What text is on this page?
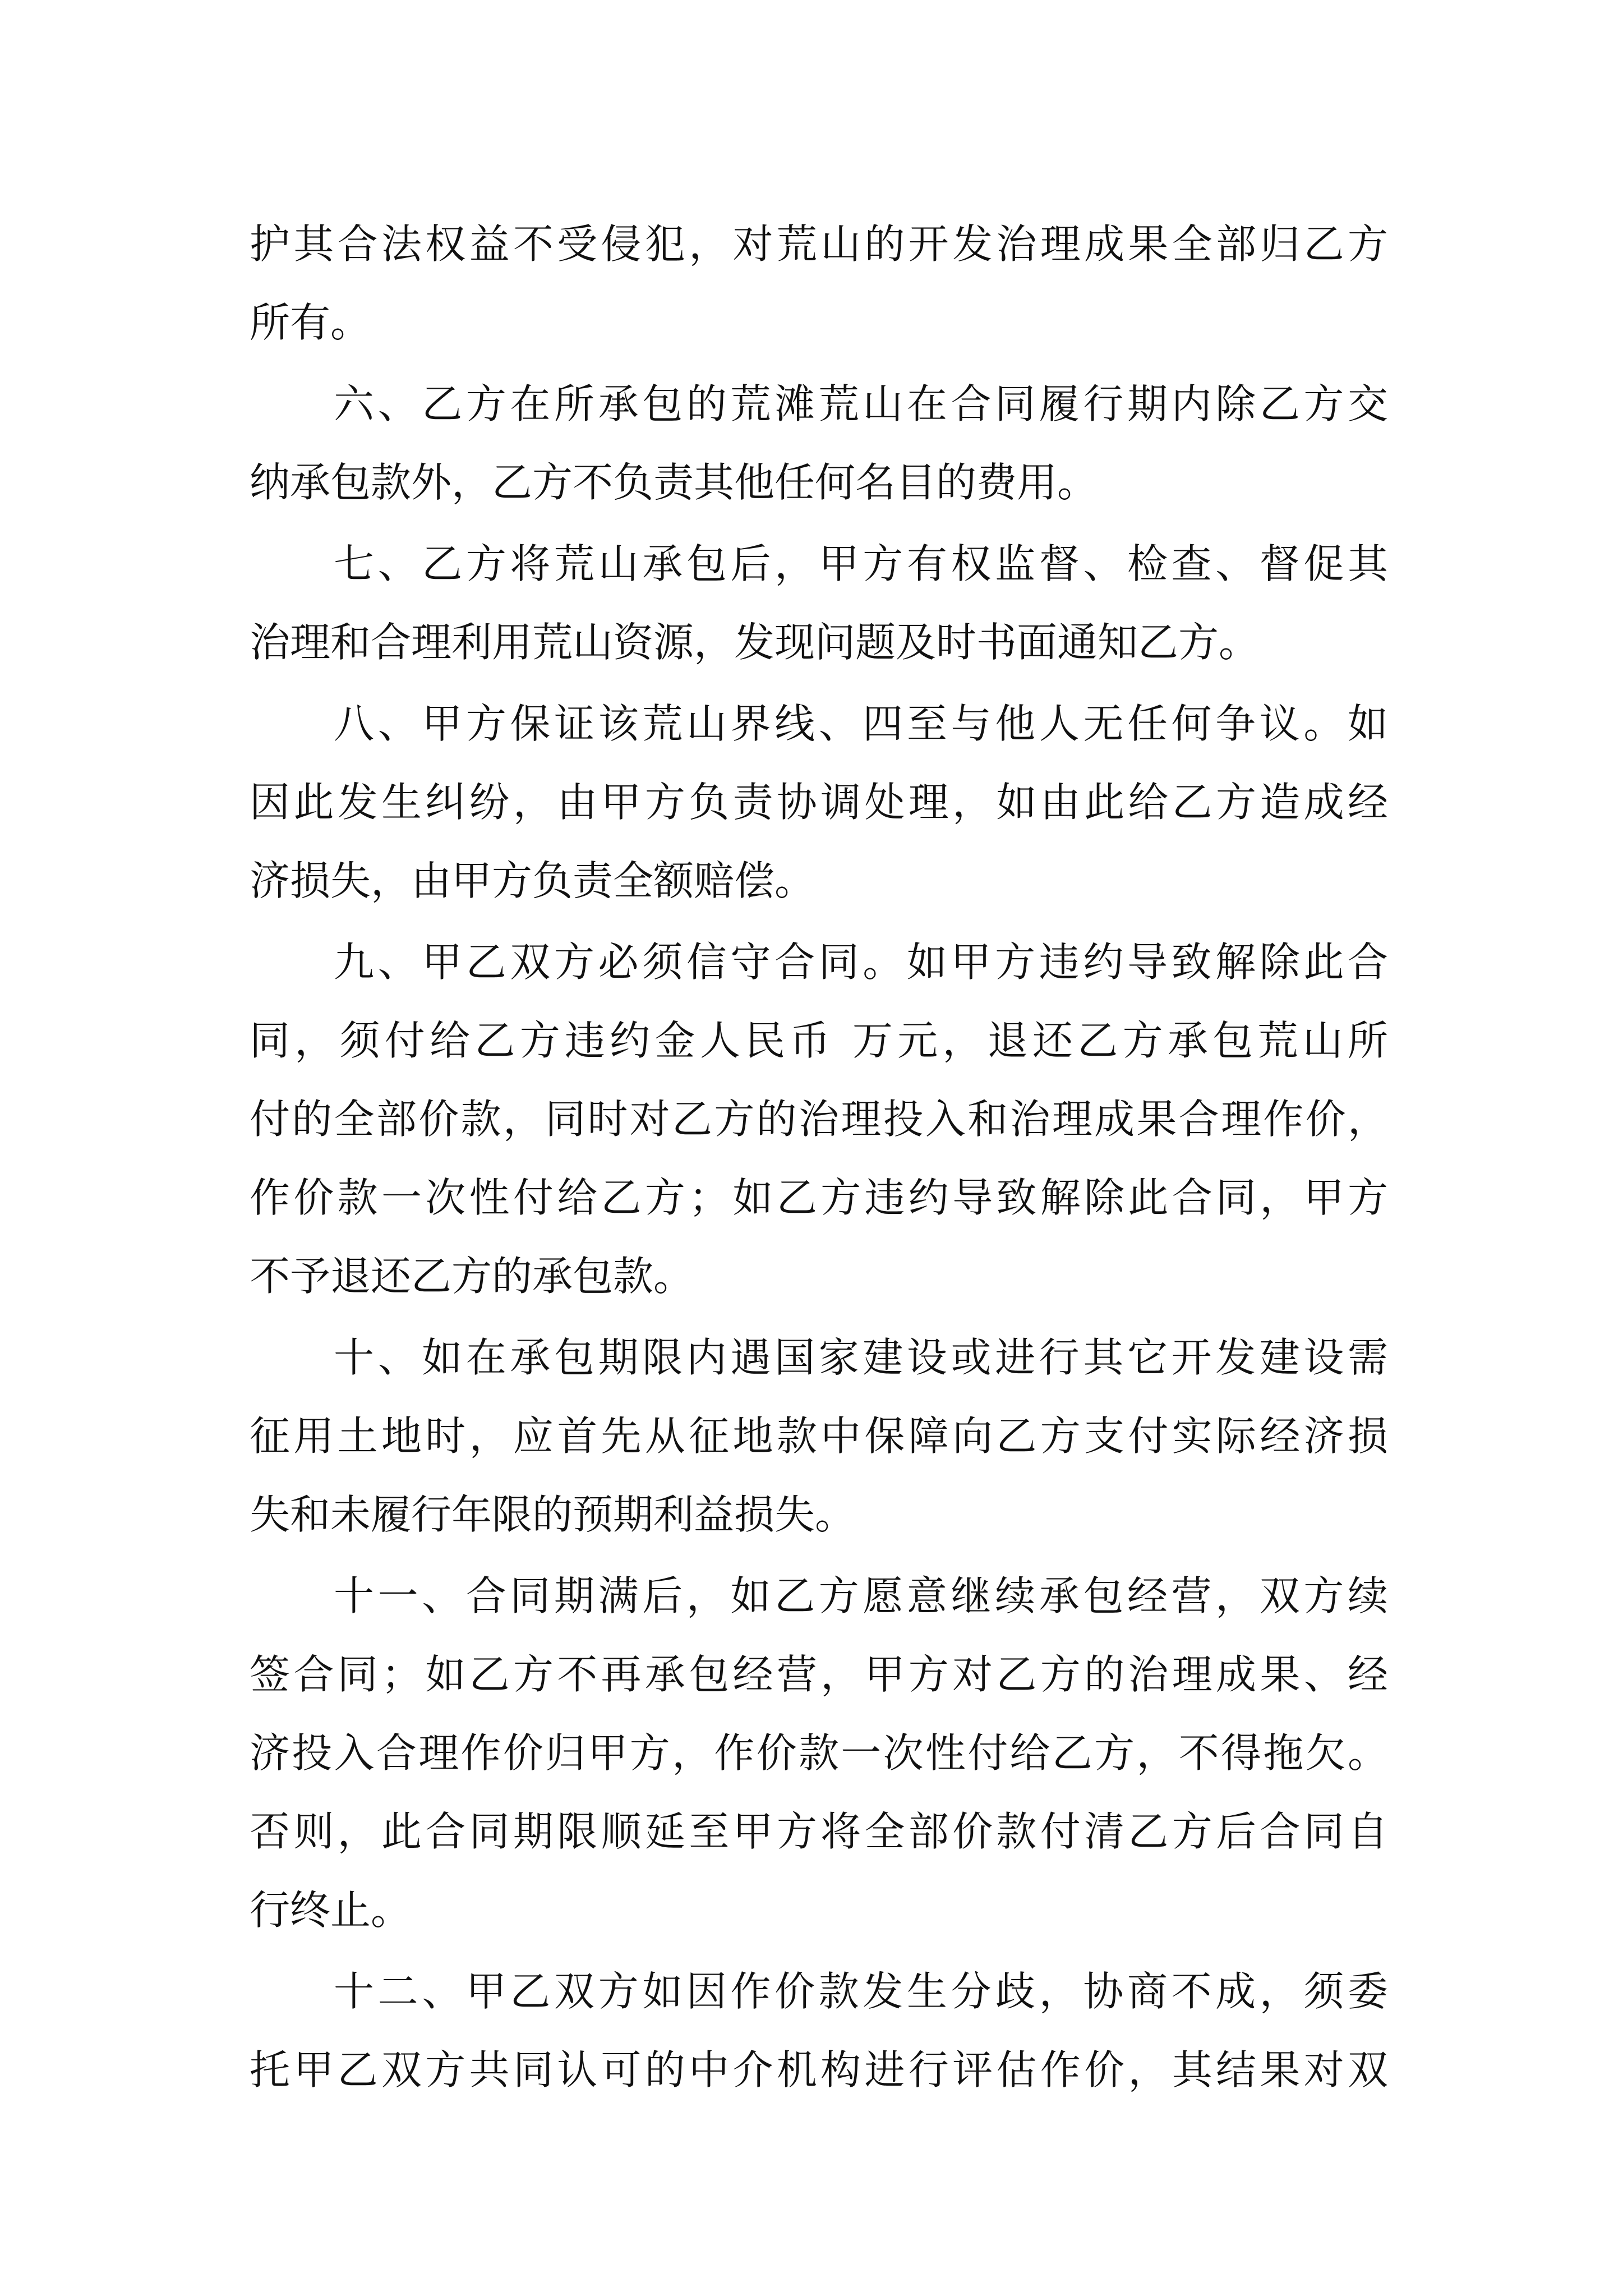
护其合法权益不受侵犯，对荒山的开发治理成果全部归乙方
所有。
六、乙方在所承包的荒滩荒山在合同履行期内除乙方交
纳承包款外，乙方不负责其他任何名目的费用。
七、乙方将荒山承包后，甲方有权监督、检查、督促其
治理和合理利用荒山资源，发现问题及时书面通知乙方。
八、甲方保证该荒山界线、四至与他人无任何争议。如
因此发生纠纷，由甲方负责协调处理，如由此给乙方造成经
济损失，由甲方负责全额赔偿。
九、甲乙双方必须信守合同。如甲方违约导致解除此合
同，须付给乙方违约金人民币 万元，退还乙方承包荒山所
付的全部价款，同时对乙方的治理投入和治理成果合理作价，
作价款一次性付给乙方；如乙方违约导致解除此合同，甲方
不予退还乙方的承包款。
十、如在承包期限内遇国家建设或进行其它开发建设需
征用土地时，应首先从征地款中保障向乙方支付实际经济损
失和未履行年限的预期利益损失。
十一、合同期满后，如乙方愿意继续承包经营，双方续
签合同；如乙方不再承包经营，甲方对乙方的治理成果、经
济投入合理作价归甲方，作价款一次性付给乙方，不得拖欠。
否则，此合同期限顺延至甲方将全部价款付清乙方后合同自
行终止。
十二、甲乙双方如因作价款发生分歧，协商不成，须委
托甲乙双方共同认可的中介机构进行评估作价，其结果对双
